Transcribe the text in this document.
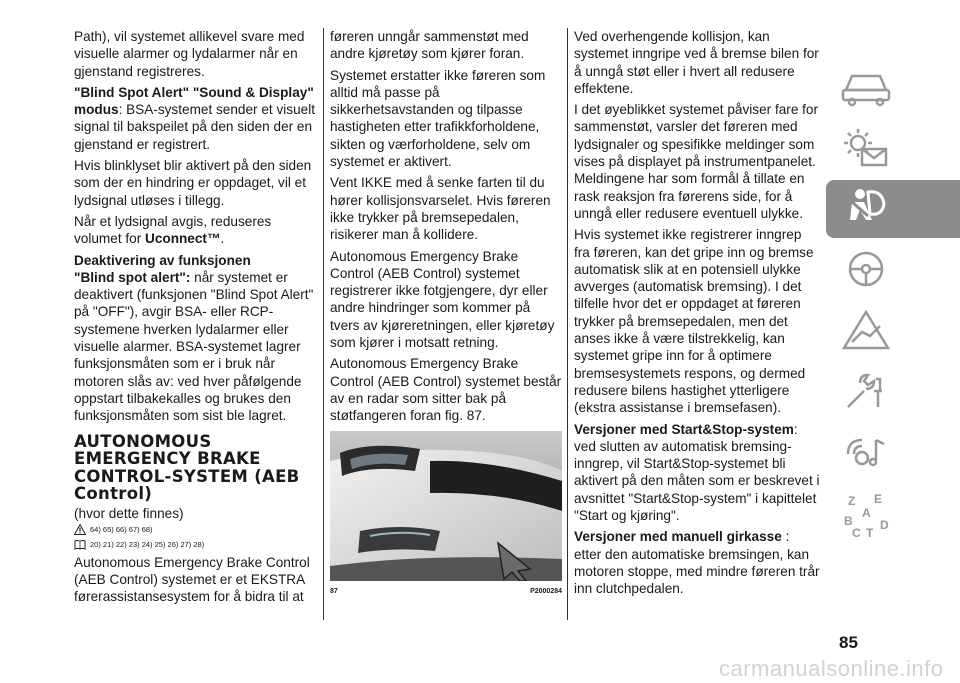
Path), vil systemet allikevel svare med visuelle alarmer og lydalarmer når en gjenstand registreres.

"Blind Spot Alert" "Sound & Display" modus: BSA-systemet sender et visuelt signal til bakspeilet på den siden der en gjenstand er registrert.

Hvis blinklyset blir aktivert på den siden som der en hindring er oppdaget, vil et lydsignal utløses i tillegg.

Når et lydsignal avgis, reduseres volumet for Uconnect™.

Deaktivering av funksjonen

"Blind spot alert": når systemet er deaktivert (funksjonen "Blind Spot Alert" på "OFF"), avgir BSA- eller RCP-systemene hverken lydalarmer eller visuelle alarmer. BSA-systemet lagrer funksjonsmåten som er i bruk når motoren slås av: ved hver påfølgende oppstart tilbakekalles og brukes den funksjonsmåten som sist ble lagret.

AUTONOMOUS EMERGENCY BRAKE CONTROL-SYSTEM (AEB Control)

(hvor dette finnes)

64) 65) 66) 67) 68)
20) 21) 22) 23) 24) 25) 26) 27) 28)

Autonomous Emergency Brake Control (AEB Control) systemet er et EKSTRA førerassistansesystem for å bidra til at

føreren unngår sammenstøt med andre kjøretøy som kjører foran.

Systemet erstatter ikke føreren som alltid må passe på sikkerhetsavstanden og tilpasse hastigheten etter trafikkforholdene, sikten og værforholdene, selv om systemet er aktivert.

Vent IKKE med å senke farten til du hører kollisjonsvarselet. Hvis føreren ikke trykker på bremsepedalen, risikerer man å kollidere.

Autonomous Emergency Brake Control (AEB Control) systemet registrerer ikke fotgjengere, dyr eller andre hindringer som kommer på tvers av kjøreretningen, eller kjøretøy som kjører i motsatt retning.

Autonomous Emergency Brake Control (AEB Control) systemet består av en radar som sitter bak på støtfangeren foran fig. 87.

87	P2000284

Ved overhengende kollisjon, kan systemet inngripe ved å bremse bilen for å unngå støt eller i hvert all redusere effektene.

I det øyeblikket systemet påviser fare for sammenstøt, varsler det føreren med lydsignaler og spesifikke meldinger som vises på displayet på instrumentpanelet. Meldingene har som formål å tillate en rask reaksjon fra førerens side, for å unngå eller redusere eventuell ulykke.

Hvis systemet ikke registrerer inngrep fra føreren, kan det gripe inn og bremse automatisk slik at en potensiell ulykke avverges (automatisk bremsing). I det tilfelle hvor det er oppdaget at føreren trykker på bremsepedalen, men det anses ikke å være tilstrekkelig, kan systemet gripe inn for å optimere bremsesystemets respons, og dermed redusere bilens hastighet ytterligere (ekstra assistanse i bremsefasen).

Versjoner med Start&Stop-system: ved slutten av automatisk bremsing-inngrep, vil Start&Stop-systemet bli aktivert på den måten som er beskrevet i avsnittet "Start&Stop-system" i kapittelet "Start og kjøring".

Versjoner med manuell girkasse : etter den automatiske bremsingen, kan motoren stoppe, med mindre føreren trår inn clutchpedalen.

Z E
A
B
C T
D
85
carmanualsonline.info
